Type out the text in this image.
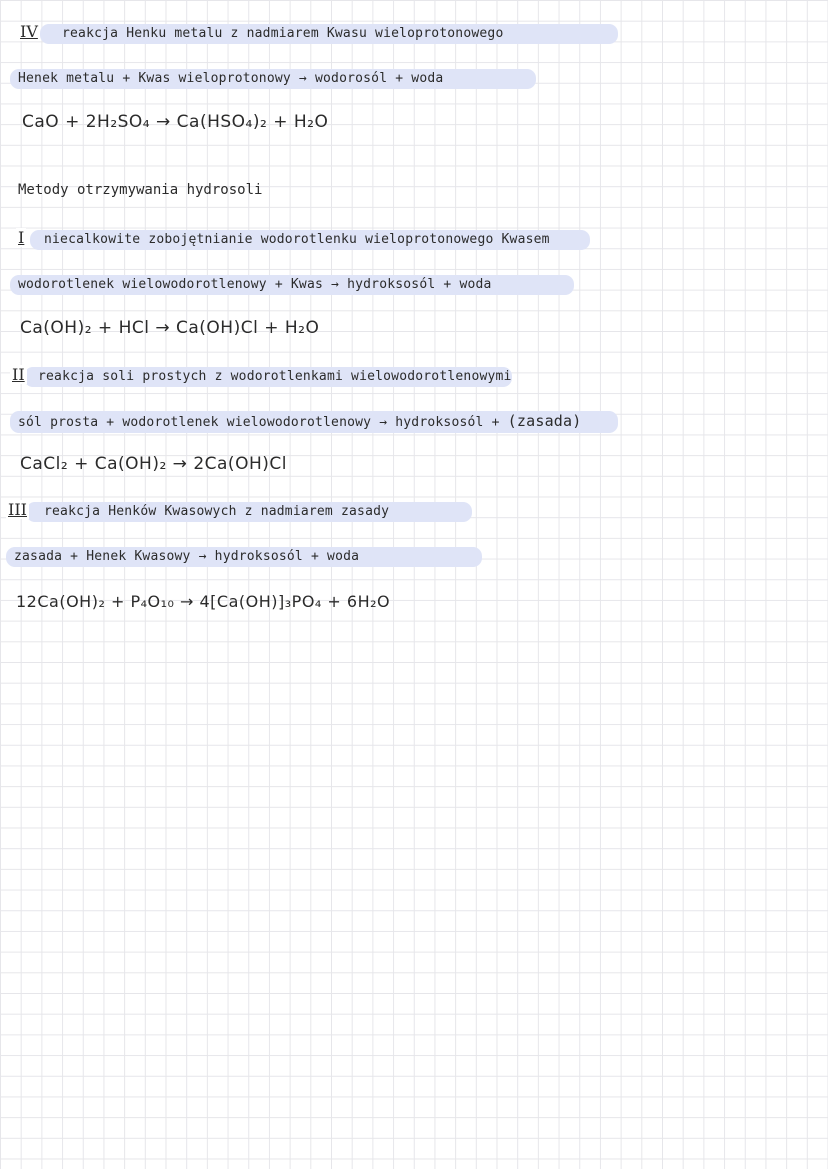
reakcja Henku metalu z nadmiarem Kwasu wieloprotonowego
IV
Henek metalu + Kwas wieloprotonowy → wodorosól + woda
CaO + 2H₂SO₄ → Ca(HSO₄)₂ + H₂O
Metody otrzymywania hydrosoli
niecalkowite zobojętnianie wodorotlenku wieloprotonowego Kwasem
I
wodorotlenek wielowodorotlenowy + Kwas → hydroksosól + woda
Ca(OH)₂ + HCl → Ca(OH)Cl + H₂O
reakcja soli prostych z wodorotlenkami wielowodorotlenowymi
II
sól prosta + wodorotlenek wielowodorotlenowy → hydroksosól + (zasada)
CaCl₂ + Ca(OH)₂ → 2Ca(OH)Cl
reakcja Henków Kwasowych z nadmiarem zasady
III
zasada + Henek Kwasowy → hydroksosól + woda
12Ca(OH)₂ + P₄O₁₀ → 4[Ca(OH)]₃PO₄ + 6H₂O
